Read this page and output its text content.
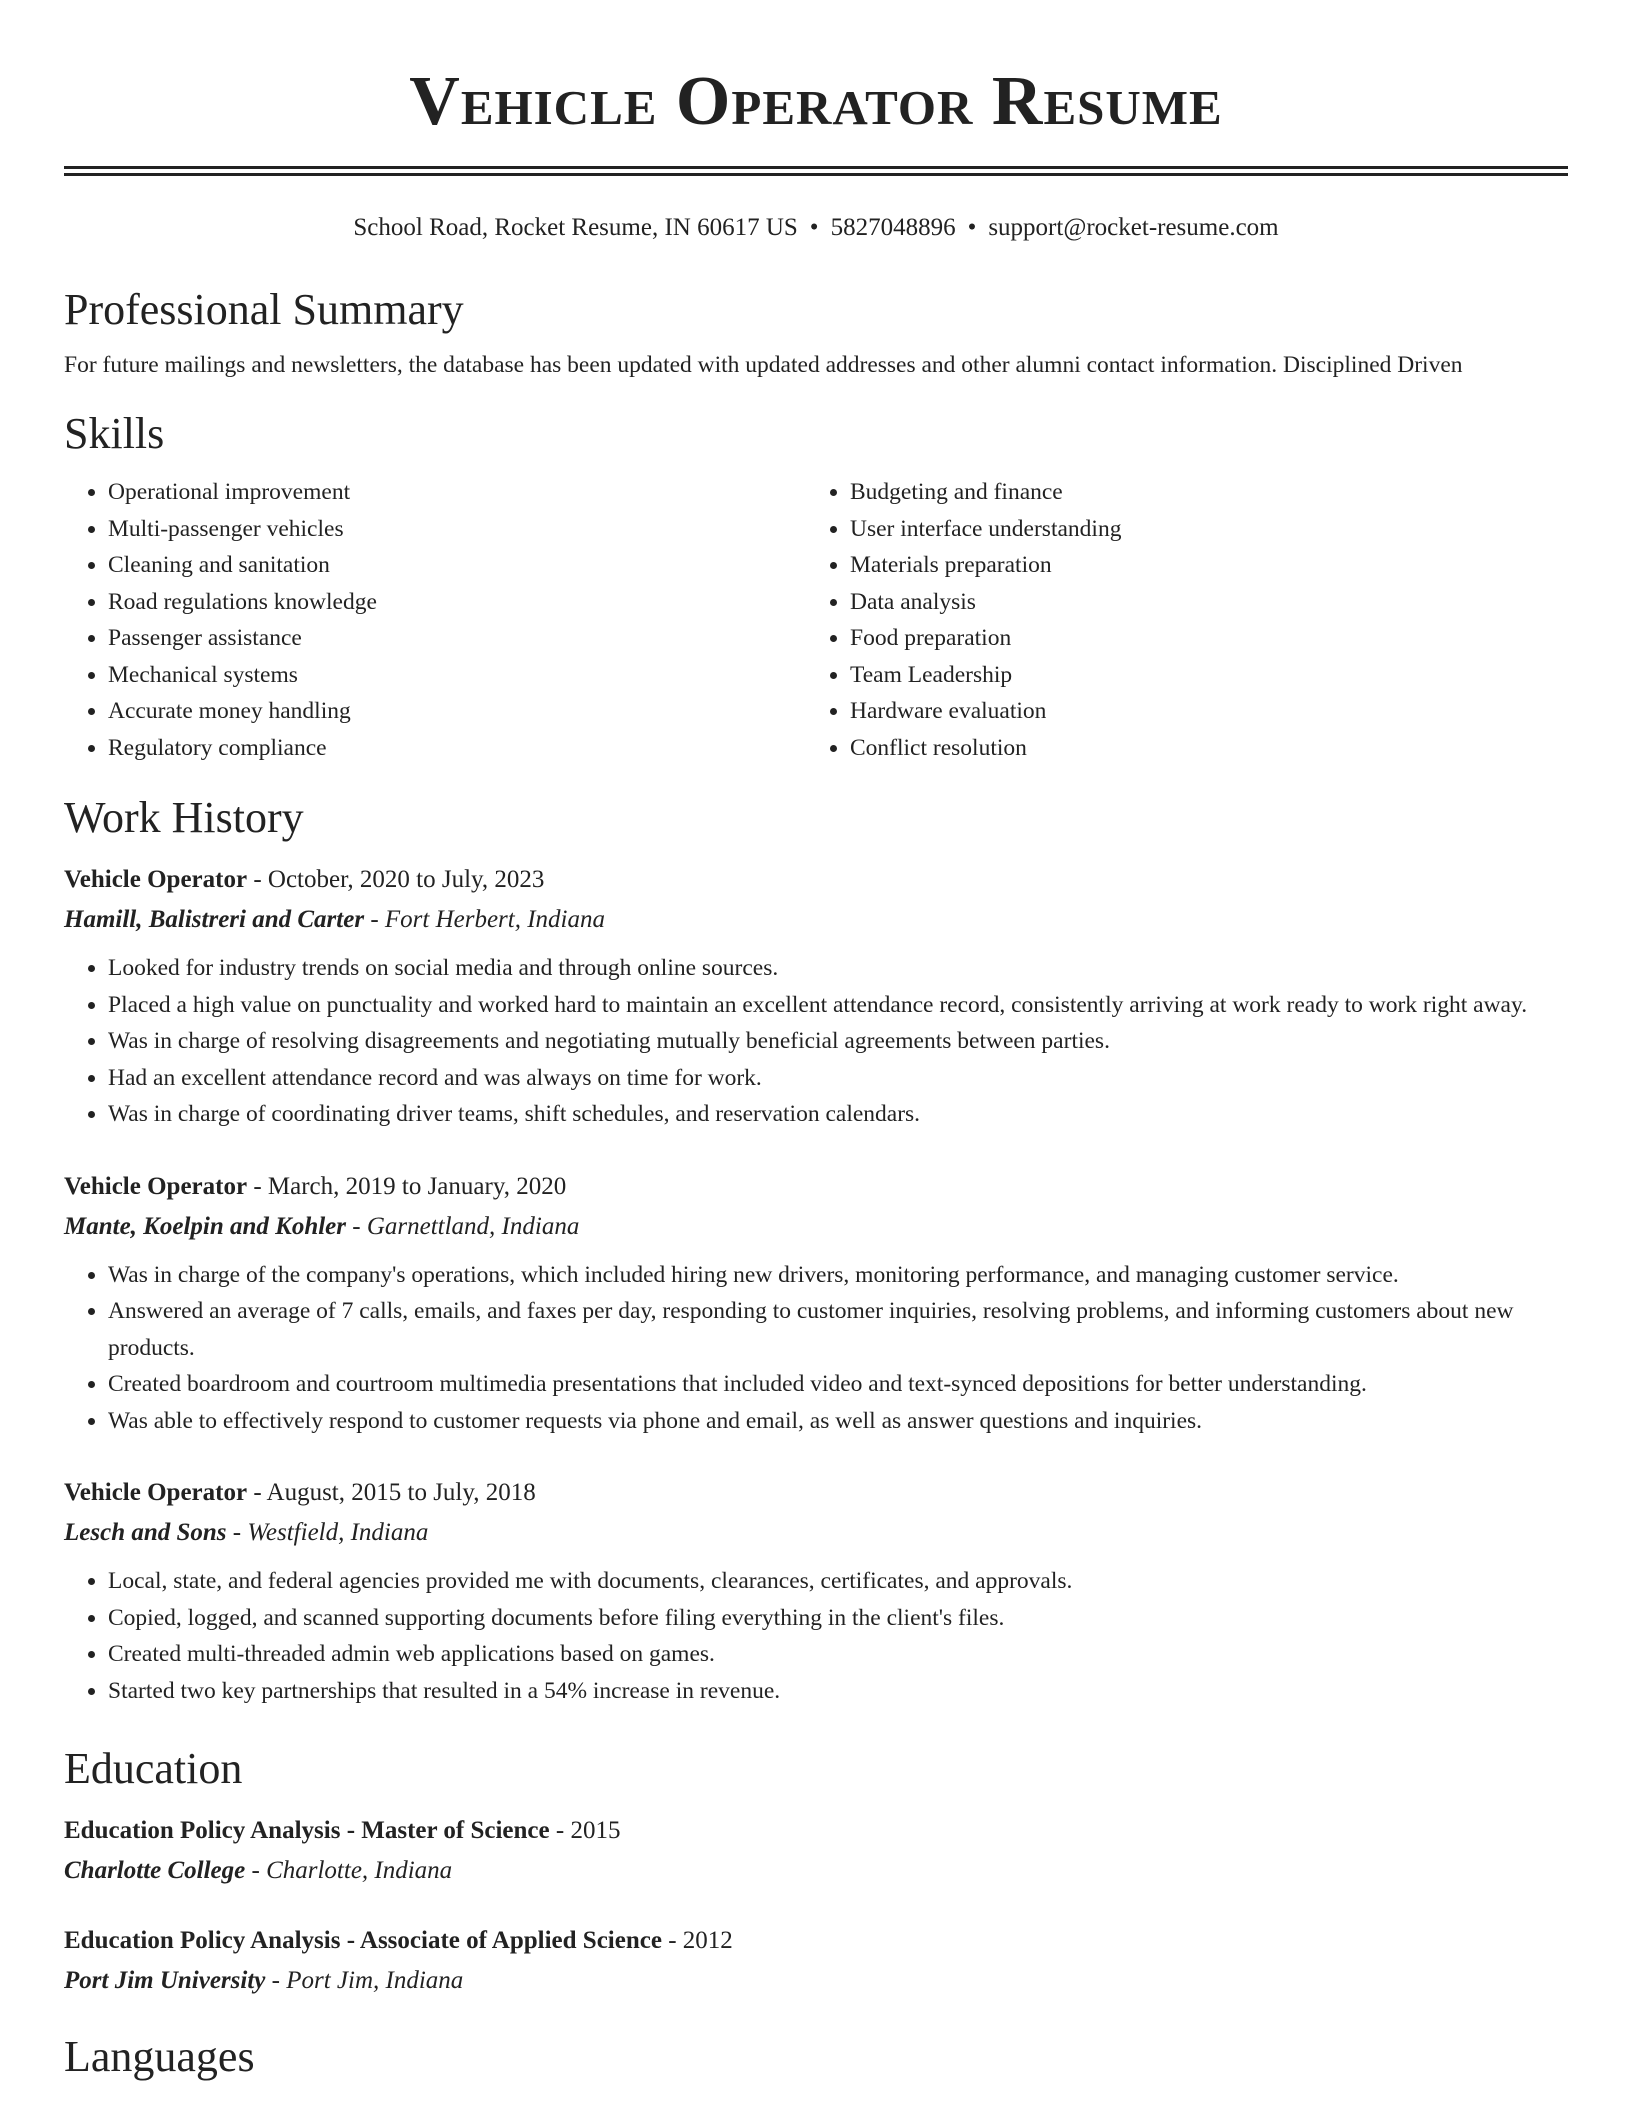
Vehicle Operator Resume
School Road, Rocket Resume, IN 60617 US • 5827048896 • support@rocket-resume.com
Professional Summary
For future mailings and newsletters, the database has been updated with updated addresses and other alumni contact information. Disciplined Driven
Skills
• Operational improvement
• Multi-passenger vehicles
• Cleaning and sanitation
• Road regulations knowledge
• Passenger assistance
• Mechanical systems
• Accurate money handling
• Regulatory compliance
• Budgeting and finance
• User interface understanding
• Materials preparation
• Data analysis
• Food preparation
• Team Leadership
• Hardware evaluation
• Conflict resolution
Work History
Vehicle Operator - October, 2020 to July, 2023
Hamill, Balistreri and Carter - Fort Herbert, Indiana
• Looked for industry trends on social media and through online sources.
• Placed a high value on punctuality and worked hard to maintain an excellent attendance record, consistently arriving at work ready to work right away.
• Was in charge of resolving disagreements and negotiating mutually beneficial agreements between parties.
• Had an excellent attendance record and was always on time for work.
• Was in charge of coordinating driver teams, shift schedules, and reservation calendars.
Vehicle Operator - March, 2019 to January, 2020
Mante, Koelpin and Kohler - Garnettland, Indiana
• Was in charge of the company's operations, which included hiring new drivers, monitoring performance, and managing customer service.
• Answered an average of 7 calls, emails, and faxes per day, responding to customer inquiries, resolving problems, and informing customers about new products.
• Created boardroom and courtroom multimedia presentations that included video and text-synced depositions for better understanding.
• Was able to effectively respond to customer requests via phone and email, as well as answer questions and inquiries.
Vehicle Operator - August, 2015 to July, 2018
Lesch and Sons - Westfield, Indiana
• Local, state, and federal agencies provided me with documents, clearances, certificates, and approvals.
• Copied, logged, and scanned supporting documents before filing everything in the client's files.
• Created multi-threaded admin web applications based on games.
• Started two key partnerships that resulted in a 54% increase in revenue.
Education
Education Policy Analysis - Master of Science - 2015
Charlotte College - Charlotte, Indiana
Education Policy Analysis - Associate of Applied Science - 2012
Port Jim University - Port Jim, Indiana
Languages
